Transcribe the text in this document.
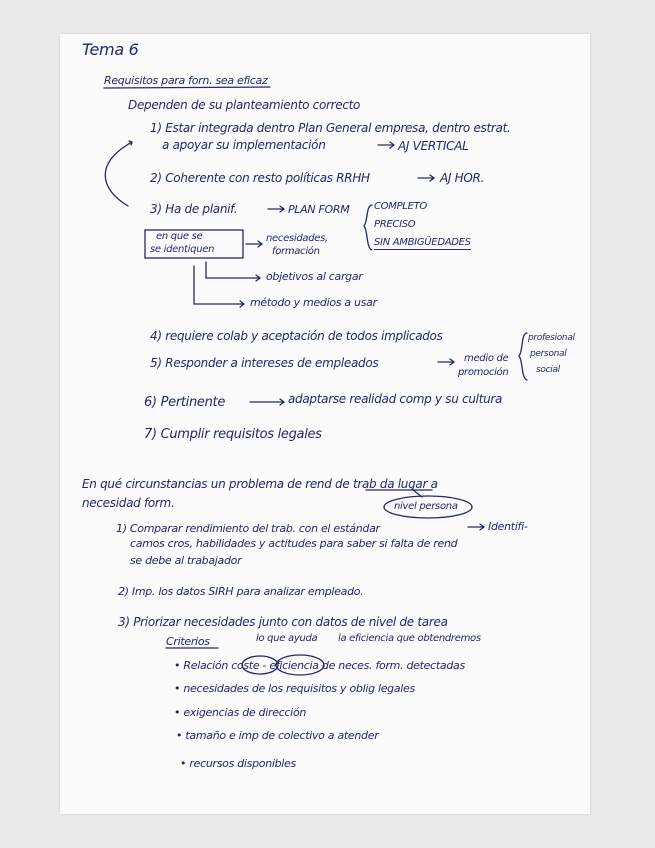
Tema 6
Requisitos para forn. sea eficaz
Dependen de su planteamiento correcto
1) Estar integrada dentro Plan General empresa, dentro estrat.
a apoyar su implementación	AJ VERTICAL
2) Coherente con resto políticas RRHH	AJ HOR.
3) Ha de planif.	PLAN FORM COMPLETO
PRECISO
SIN AMBIGÜEDADES
en que se
se identiquen
necesidades,
formación
objetivos al cargar
método y medios a usar
4) requiere colab y aceptación de todos implicados
5) Responder a intereses de empleados	medio de
promoción
profesional
personal
social
6) Pertinente	adaptarse realidad comp y su cultura
7) Cumplir requisitos legales
En qué circunstancias un problema de rend de trab da lugar a
necesidad form.	nivel persona
1) Comparar rendimiento del trab. con el estándar	Identifi-
camos cros, habilidades y actitudes para saber si falta de rend
se debe al trabajador
2) Imp. los datos SIRH para analizar empleado.
3) Priorizar necesidades junto con datos de nivel de tarea
Criterios	lo que ayuda la eficiencia que obtendremos
• Relación coste - eficiencia de neces. form. detectadas
• necesidades de los requisitos y oblig legales
• exigencias de dirección
• tamaño e imp de colectivo a atender
• recursos disponibles
